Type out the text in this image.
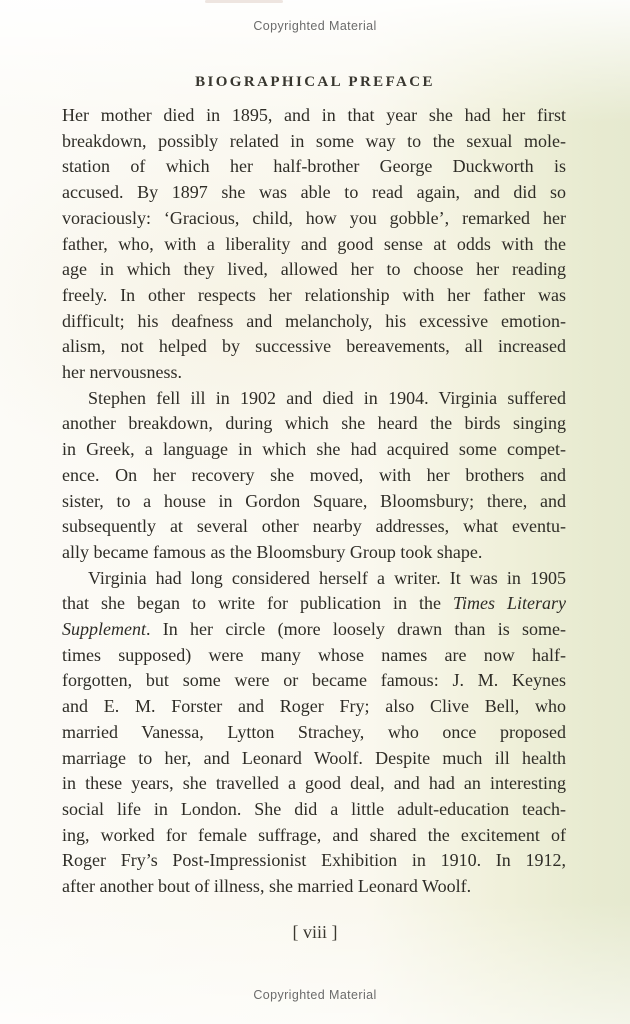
Copyrighted Material
BIOGRAPHICAL PREFACE
Her mother died in 1895, and in that year she had her first
breakdown, possibly related in some way to the sexual mole-
station of which her half-brother George Duckworth is
accused. By 1897 she was able to read again, and did so
voraciously: ‘Gracious, child, how you gobble’, remarked her
father, who, with a liberality and good sense at odds with the
age in which they lived, allowed her to choose her reading
freely. In other respects her relationship with her father was
difficult; his deafness and melancholy, his excessive emotion-
alism, not helped by successive bereavements, all increased
her nervousness.
Stephen fell ill in 1902 and died in 1904. Virginia suffered
another breakdown, during which she heard the birds singing
in Greek, a language in which she had acquired some compet-
ence. On her recovery she moved, with her brothers and
sister, to a house in Gordon Square, Bloomsbury; there, and
subsequently at several other nearby addresses, what eventu-
ally became famous as the Bloomsbury Group took shape.
Virginia had long considered herself a writer. It was in 1905
that she began to write for publication in the Times Literary
Supplement. In her circle (more loosely drawn than is some-
times supposed) were many whose names are now half-
forgotten, but some were or became famous: J. M. Keynes
and E. M. Forster and Roger Fry; also Clive Bell, who
married Vanessa, Lytton Strachey, who once proposed
marriage to her, and Leonard Woolf. Despite much ill health
in these years, she travelled a good deal, and had an interesting
social life in London. She did a little adult-education teach-
ing, worked for female suffrage, and shared the excitement of
Roger Fry’s Post-Impressionist Exhibition in 1910. In 1912,
after another bout of illness, she married Leonard Woolf.
[ viii ]
Copyrighted Material
